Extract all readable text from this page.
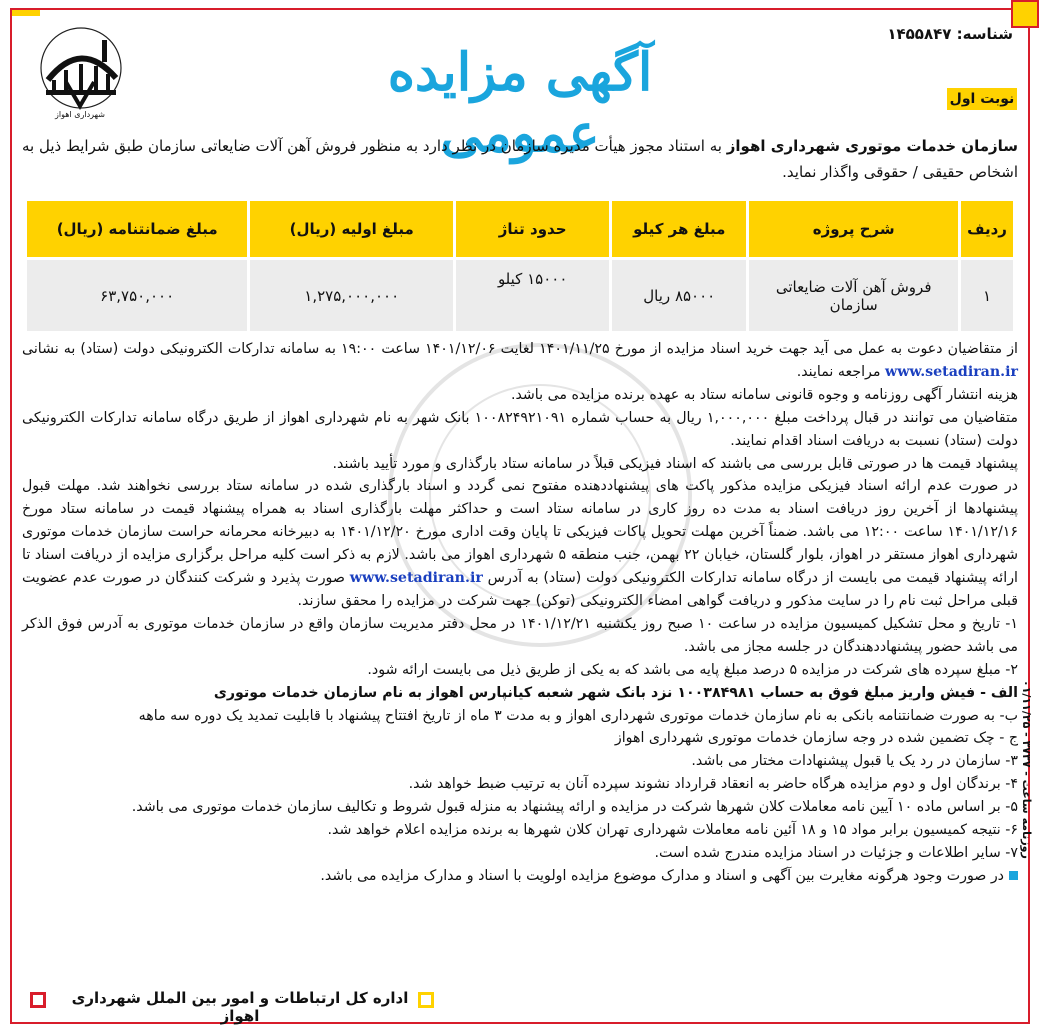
شناسه: ۱۴۵۵۸۴۷
نوبت اول
آگهی مزایده عمومی
شهرداری اهواز
سازمان خدمات موتوری شهرداری اهواز به استناد مجوز هیأت مدیره سازمان در نظر دارد به منظور فروش آهن آلات ضایعاتی سازمان طبق شرایط ذیل به اشخاص حقیقی / حقوقی واگذار نماید.
ردیف	شرح پروژه	مبلغ هر کیلو	حدود تناژ	مبلغ اولیه (ریال)	مبلغ ضمانتنامه (ریال)
۱	فروش آهن آلات ضایعاتی سازمان	۸۵۰۰۰ ریال	۱۵۰۰۰ کیلو	۱,۲۷۵,۰۰۰,۰۰۰	۶۳,۷۵۰,۰۰۰

از متقاضیان دعوت به عمل می آید جهت خرید اسناد مزایده از مورخ ۱۴۰۱/۱۱/۲۵ لغایت ۱۴۰۱/۱۲/۰۶ ساعت ۱۹:۰۰ به سامانه تدارکات الکترونیکی دولت (ستاد) به نشانی www.setadiran.ir مراجعه نمایند.

هزینه انتشار آگهی روزنامه و وجوه قانونی سامانه ستاد به عهده برنده مزایده می باشد.

متقاضیان می توانند در قبال پرداخت مبلغ ۱,۰۰۰,۰۰۰ ریال به حساب شماره ۱۰۰۸۲۴۹۲۱۰۹۱ بانک شهر به نام شهرداری اهواز از طریق درگاه سامانه تدارکات الکترونیکی دولت (ستاد) نسبت به دریافت اسناد اقدام نمایند.

پیشنهاد قیمت ها در صورتی قابل بررسی می باشند که اسناد فیزیکی قبلاً در سامانه ستاد بارگذاری و مورد تأیید باشند.

در صورت عدم ارائه اسناد فیزیکی مزایده مذکور پاکت های پیشنهاددهنده مفتوح نمی گردد و اسناد بارگذاری شده در سامانه ستاد بررسی نخواهند شد. مهلت قبول پیشنهادها از آخرین روز دریافت اسناد به مدت ده روز کاری در سامانه ستاد است و حداکثر مهلت بارگذاری اسناد به همراه پیشنهاد قیمت در سامانه ستاد مورخ ۱۴۰۱/۱۲/۱۶ ساعت ۱۲:۰۰ می باشد. ضمناً آخرین مهلت تحویل پاکات فیزیکی تا پایان وقت اداری مورخ ۱۴۰۱/۱۲/۲۰ به دبیرخانه محرمانه حراست سازمان خدمات موتوری شهرداری اهواز مستقر در اهواز، بلوار گلستان، خیابان ۲۲ بهمن، جنب منطقه ۵ شهرداری اهواز می باشد. لازم به ذکر است کلیه مراحل برگزاری مزایده از دریافت اسناد تا ارائه پیشنهاد قیمت می بایست از درگاه سامانه تدارکات الکترونیکی دولت (ستاد) به آدرس www.setadiran.ir صورت پذیرد و شرکت کنندگان در صورت عدم عضویت قبلی مراحل ثبت نام را در سایت مذکور و دریافت گواهی امضاء الکترونیکی (توکن) جهت شرکت در مزایده را محقق سازند.

۱- تاریخ و محل تشکیل کمیسیون مزایده در ساعت ۱۰ صبح روز یکشنبه ۱۴۰۱/۱۲/۲۱ در محل دفتر مدیریت سازمان واقع در سازمان خدمات موتوری به آدرس فوق الذکر می باشد حضور پیشنهاددهندگان در جلسه مجاز می باشد.

۲- مبلغ سپرده های شرکت در مزایده ۵ درصد مبلغ پایه می باشد که به یکی از طریق ذیل می بایست ارائه شود.

الف - فیش واریز مبلغ فوق به حساب ۱۰۰۳۸۴۹۸۱ نزد بانک شهر شعبه کیانپارس اهواز به نام سازمان خدمات موتوری

ب- به صورت ضمانتنامه بانکی به نام سازمان خدمات موتوری شهرداری اهواز و به مدت ۳ ماه از تاریخ افتتاح پیشنهاد با قابلیت تمدید یک دوره سه ماهه

ج - چک تضمین شده در وجه سازمان خدمات موتوری شهرداری اهواز

۳- سازمان در رد یک یا قبول پیشنهادات مختار می باشد.

۴- برندگان اول و دوم مزایده هرگاه حاضر به انعقاد قرارداد نشوند سپرده آنان به ترتیب ضبط خواهد شد.

۵- بر اساس ماده ۱۰ آیین نامه معاملات کلان شهرها شرکت در مزایده و ارائه پیشنهاد به منزله قبول شروط و تکالیف سازمان خدمات موتوری می باشد.

۶- نتیجه کمیسیون برابر مواد ۱۵ و ۱۸ آئین نامه معاملات شهرداری تهران کلان شهرها به برنده مزایده اعلام خواهد شد.

۷- سایر اطلاعات و جزئیات در اسناد مزایده مندرج شده است.

در صورت وجود هرگونه مغایرت بین آگهی و اسناد و مدارک موضوع مزایده اولویت با اسناد و مدارک مزایده می باشد.

روزنامه ساعت - ۳۷۳۷ - ۰۱/۱۱/۲۵
اداره کل ارتباطات و امور بین الملل شهرداری اهواز
